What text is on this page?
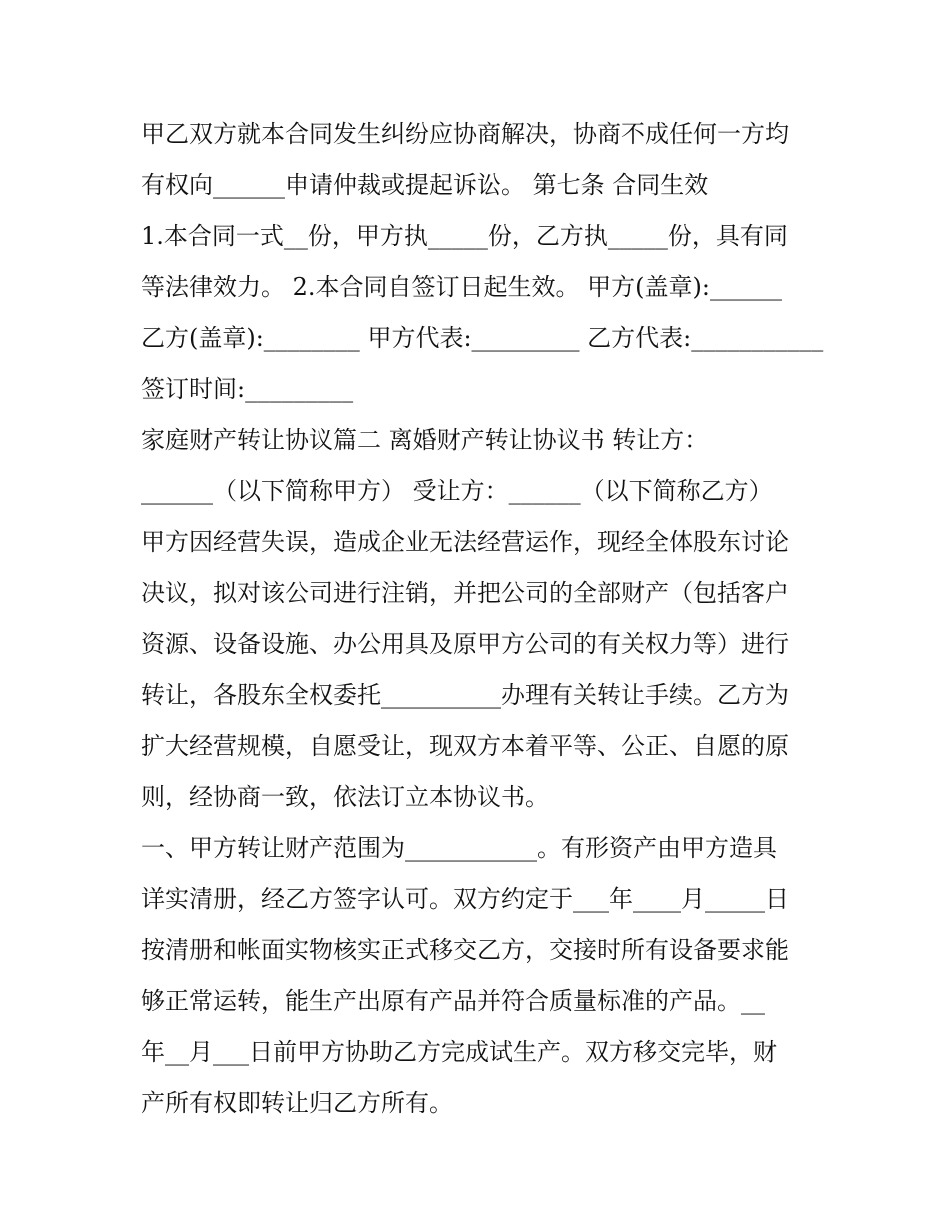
甲乙双方就本合同发生纠纷应协商解决，协商不成任何一方均
有权向______申请仲裁或提起诉讼。 第七条 合同生效
1.本合同一式__份，甲方执_____份，乙方执_____份，具有同
等法律效力。 2.本合同自签订日起生效。 甲方(盖章):______
乙方(盖章):________ 甲方代表:_________ 乙方代表:___________
签订时间:_________
家庭财产转让协议篇二 离婚财产转让协议书 转让方：
______（以下简称甲方） 受让方：______（以下简称乙方）
甲方因经营失误，造成企业无法经营运作，现经全体股东讨论
决议，拟对该公司进行注销，并把公司的全部财产（包括客户
资源、设备设施、办公用具及原甲方公司的有关权力等）进行
转让，各股东全权委托__________办理有关转让手续。乙方为
扩大经营规模，自愿受让，现双方本着平等、公正、自愿的原
则，经协商一致，依法订立本协议书。
一、甲方转让财产范围为___________。有形资产由甲方造具
详实清册，经乙方签字认可。双方约定于___年____月_____日
按清册和帐面实物核实正式移交乙方，交接时所有设备要求能
够正常运转，能生产出原有产品并符合质量标准的产品。__
年__月___日前甲方协助乙方完成试生产。双方移交完毕，财
产所有权即转让归乙方所有。
